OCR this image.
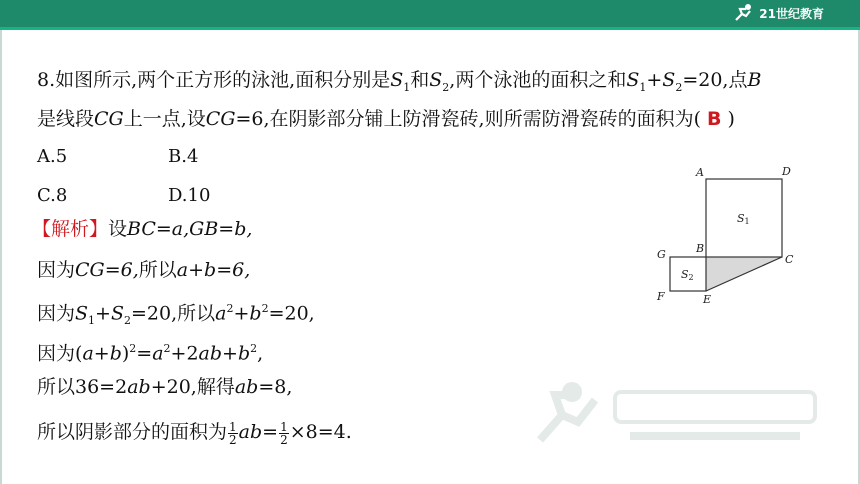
21世纪教育
8.如图所示,两个正方形的泳池,面积分别是$S_1$和$S_2$,两个泳池的面积之和$S_1+S_2=20$,点B
是线段CG上一点,设CG=6,在阴影部分铺上防滑瓷砖,则所需防滑瓷砖的面积为( B )
A.5	B.4
C.8	D.10
【解析】设BC=a,GB=b,
因为CG=6,所以a+b=6,
因为$S_1+S_2=20$,所以$a^2+b^2=20$,
因为$(a+b)^2=a^2+2ab+b^2$,
所以36=2ab+20,解得ab=8,
所以阴影部分的面积为 $\frac{1}{2} ab= \frac{1}{2} \times 8=4$.
A	D
B
C
G
F	E
S1
S2
